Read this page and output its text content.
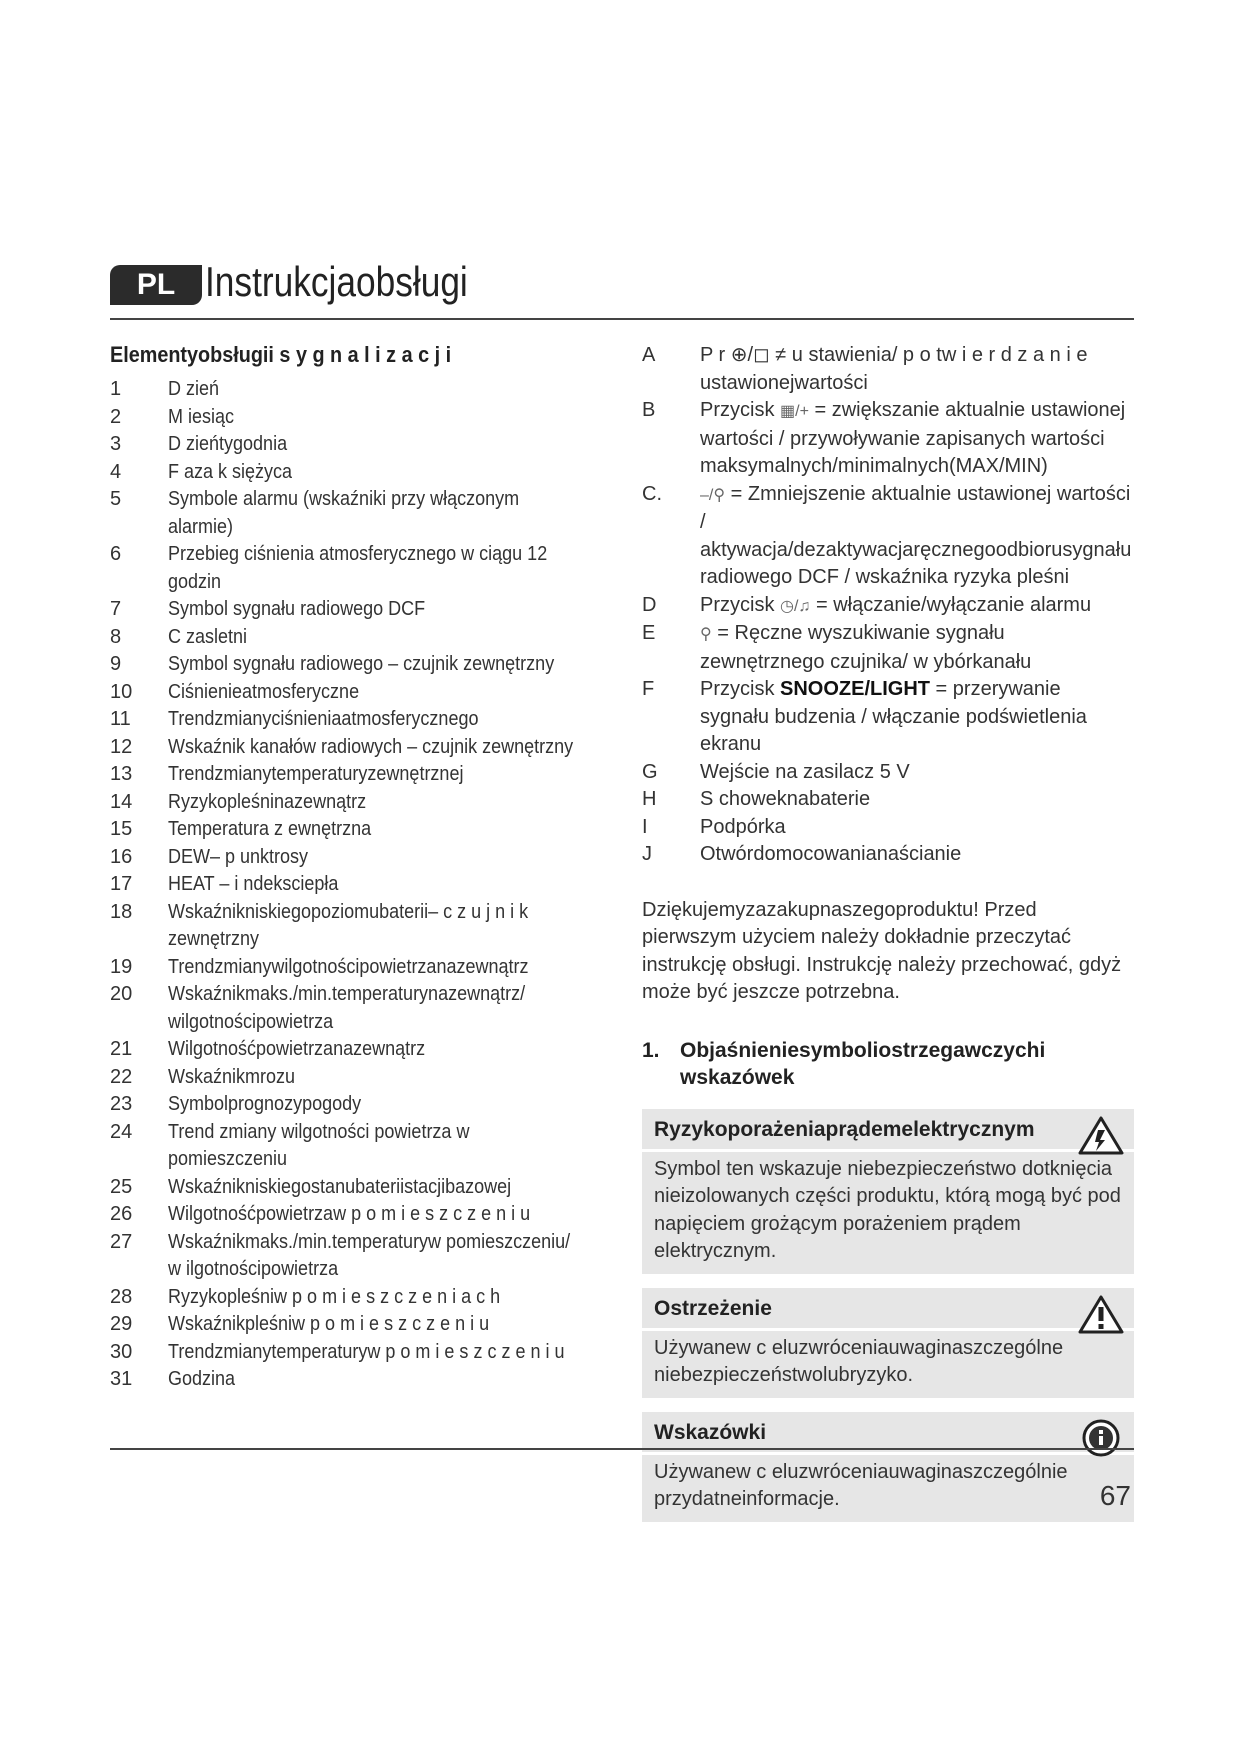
PL Instrukcjaobsługi
Elementyobsługii s y g n a l i z a c j i
1	D zień
2	M iesiąc
3	D zieńtygodnia
4	F aza k siężyca
5	Symbole alarmu (wskaźniki przy włączonym alarmie)
6	Przebieg ciśnienia atmosferycznego w ciągu 12 godzin
7	Symbol sygnału radiowego DCF
8	C zasletni
9	Symbol sygnału radiowego – czujnik zewnętrzny
10	Ciśnienieatmosferyczne
11	Trendzmianyciśnieniaatmosferycznego
12	Wskaźnik kanałów radiowych – czujnik zewnętrzny
13	Trendzmianytemperaturyzewnętrznej
14	Ryzykopleśninazewnątrz
15	Temperatura z ewnętrzna
16	DEW– p unktrosy
17	HEAT – i ndeksciepła
18	Wskaźnikniskiegopoziomubaterii– c z u j n i k zewnętrzny
19	Trendzmianywilgotnościpowietrzanazewnątrz
20	Wskaźnikmaks./min.temperaturynazewnątrz/ wilgotnościpowietrza
21	Wilgotnośćpowietrzanazewnątrz
22	Wskaźnikmrozu
23	Symbolprognozypogody
24	Trend zmiany wilgotności powietrza w pomieszczeniu
25	Wskaźnikniskiegostanubateriistacjibazowej
26	Wilgotnośćpowietrzaw p o m i e s z c z e n i u
27	Wskaźnikmaks./min.temperaturyw pomieszczeniu/ w ilgotnościpowietrza
28	Ryzykopleśniw p o m i e s z c z e n i a c h
29	Wskaźnikpleśniw p o m i e s z c z e n i u
30	Trendzmianytemperaturyw p o m i e s z c z e n i u
31	Godzina
A	P r ⊕/◻ ≠ u stawienia/ p o tw i e r d z a n i e ustawionejwartości
B	Przycisk ▦/+ = zwiększanie aktualnie ustawionej wartości / przywoływanie zapisanych wartości maksymalnych/minimalnych(MAX/MIN)
C.	–/⚲ = Zmniejszenie aktualnie ustawionej wartości / aktywacja/dezaktywacjaręcznegoodbiorusygnału radiowego DCF / wskaźnika ryzyka pleśni
D	Przycisk ◷/♫ = włączanie/wyłączanie alarmu
E	⚲ = Ręczne wyszukiwanie sygnału zewnętrznego czujnika/ w ybórkanału
F	Przycisk SNOOZE/LIGHT = przerywanie sygnału budzenia / włączanie podświetlenia ekranu
G	Wejście na zasilacz 5 V
H	S choweknabaterie
I	Podpórka
J	Otwórdomocowanianaścianie

Dziękujemyzazakupnaszegoproduktu! Przed pierwszym użyciem należy dokładnie przeczytać instrukcję obsługi. Instrukcję należy przechować, gdyż może być jeszcze potrzebna.

1. Objaśnieniesymboliostrzegawczychi wskazówek
Ryzykoporażeniaprądemelektrycznym
Symbol ten wskazuje niebezpieczeństwo dotknięcia nieizolowanych części produktu, którą mogą być pod napięciem grożącym porażeniem prądem elektrycznym.
Ostrzeżenie
Używanew c eluzwróceniauwaginaszczególne niebezpieczeństwolubryzyko.
Wskazówki
Używanew c eluzwróceniauwaginaszczególnie przydatneinformacje.	67
